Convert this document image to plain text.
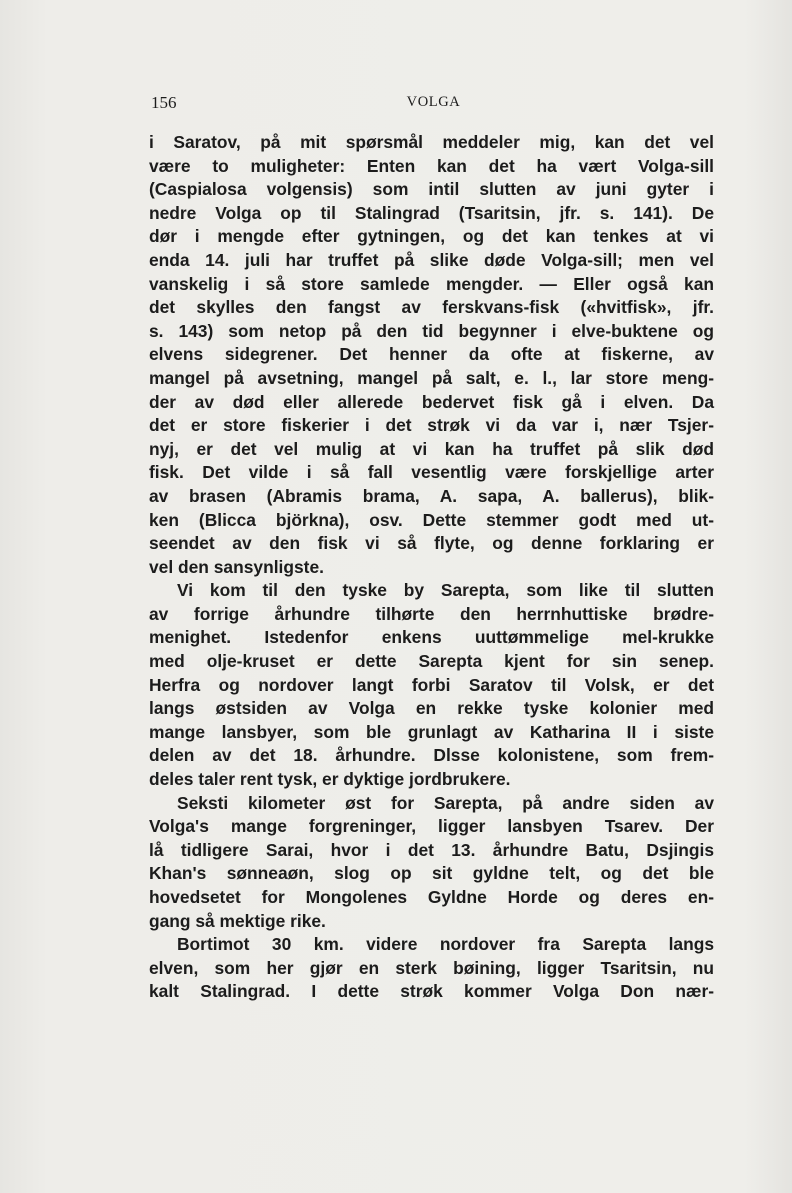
156	VOLGA
i Saratov, på mit spørsmål meddeler mig, kan det vel
være to muligheter: Enten kan det ha vært Volga-sill
(Caspialosa volgensis) som intil slutten av juni gyter i
nedre Volga op til Stalingrad (Tsaritsin, jfr. s. 141). De
dør i mengde efter gytningen, og det kan tenkes at vi
enda 14. juli har truffet på slike døde Volga-sill; men vel
vanskelig i så store samlede mengder. — Eller også kan
det skylles den fangst av ferskvans-fisk («hvitfisk», jfr.
s. 143) som netop på den tid begynner i elve-buktene og
elvens sidegrener. Det henner da ofte at fiskerne, av
mangel på avsetning, mangel på salt, e. l., lar store meng-
der av død eller allerede bedervet fisk gå i elven. Da
det er store fiskerier i det strøk vi da var i, nær Tsjer-
nyj, er det vel mulig at vi kan ha truffet på slik død
fisk. Det vilde i så fall vesentlig være forskjellige arter
av brasen (Abramis brama, A. sapa, A. ballerus), blik-
ken (Blicca björkna), osv. Dette stemmer godt med ut-
seendet av den fisk vi så flyte, og denne forklaring er
vel den sansynligste.
Vi kom til den tyske by Sarepta, som like til slutten
av forrige århundre tilhørte den herrnhuttiske brødre-
menighet. Istedenfor enkens uuttømmelige mel-krukke
med olje-kruset er dette Sarepta kjent for sin senep.
Herfra og nordover langt forbi Saratov til Volsk, er det
langs østsiden av Volga en rekke tyske kolonier med
mange lansbyer, som ble grunlagt av Katharina II i siste
delen av det 18. århundre. Dlsse kolonistene, som frem-
deles taler rent tysk, er dyktige jordbrukere.
Seksti kilometer øst for Sarepta, på andre siden av
Volga's mange forgreninger, ligger lansbyen Tsarev. Der
lå tidligere Sarai, hvor i det 13. århundre Batu, Dsjingis
Khan's sønneaøn, slog op sit gyldne telt, og det ble
hovedsetet for Mongolenes Gyldne Horde og deres en-
gang så mektige rike.
Bortimot 30 km. videre nordover fra Sarepta langs
elven, som her gjør en sterk bøining, ligger Tsaritsin, nu
kalt Stalingrad. I dette strøk kommer Volga Don nær-
